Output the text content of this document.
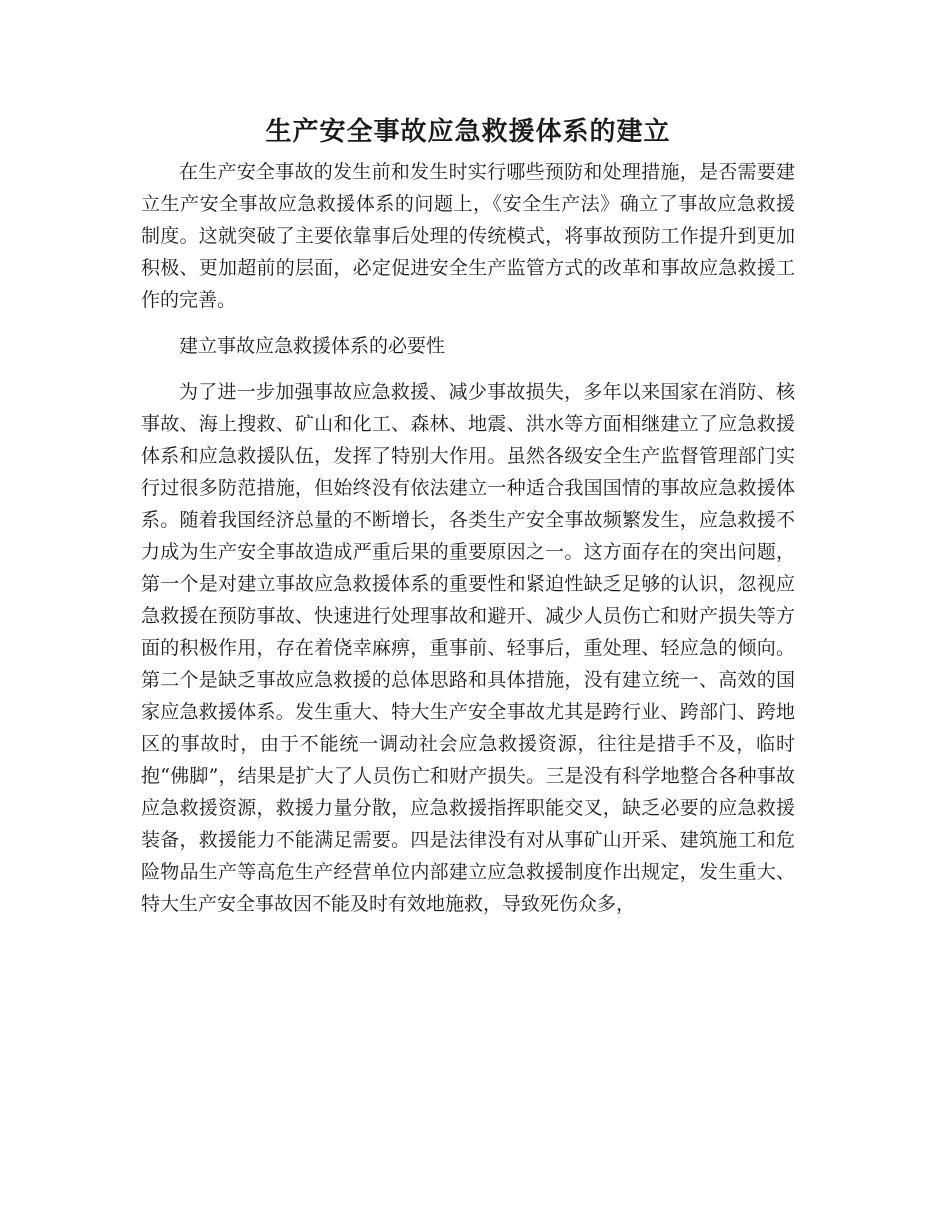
生产安全事故应急救援体系的建立

在生产安全事故的发生前和发生时实行哪些预防和处理措施，是否需要建立生产安全事故应急救援体系的问题上，《安全生产法》确立了事故应急救援制度。这就突破了主要依靠事后处理的传统模式，将事故预防工作提升到更加积极、更加超前的层面，必定促进安全生产监管方式的改革和事故应急救援工作的完善。

建立事故应急救援体系的必要性

为了进一步加强事故应急救援、减少事故损失，多年以来国家在消防、核事故、海上搜救、矿山和化工、森林、地震、洪水等方面相继建立了应急救援体系和应急救援队伍，发挥了特别大作用。虽然各级安全生产监督管理部门实行过很多防范措施，但始终没有依法建立一种适合我国国情的事故应急救援体系。随着我国经济总量的不断增长，各类生产安全事故频繁发生，应急救援不力成为生产安全事故造成严重后果的重要原因之一。这方面存在的突出问题，第一个是对建立事故应急救援体系的重要性和紧迫性缺乏足够的认识，忽视应急救援在预防事故、快速进行处理事故和避开、减少人员伤亡和财产损失等方面的积极作用，存在着侥幸麻痹，重事前、轻事后，重处理、轻应急的倾向。第二个是缺乏事故应急救援的总体思路和具体措施，没有建立统一、高效的国家应急救援体系。发生重大、特大生产安全事故尤其是跨行业、跨部门、跨地区的事故时，由于不能统一调动社会应急救援资源，往往是措手不及，临时抱“佛脚”，结果是扩大了人员伤亡和财产损失。三是没有科学地整合各种事故应急救援资源，救援力量分散，应急救援指挥职能交叉，缺乏必要的应急救援装备，救援能力不能满足需要。四是法律没有对从事矿山开采、建筑施工和危险物品生产等高危生产经营单位内部建立应急救援制度作出规定，发生重大、特大生产安全事故因不能及时有效地施救，导致死伤众多，
